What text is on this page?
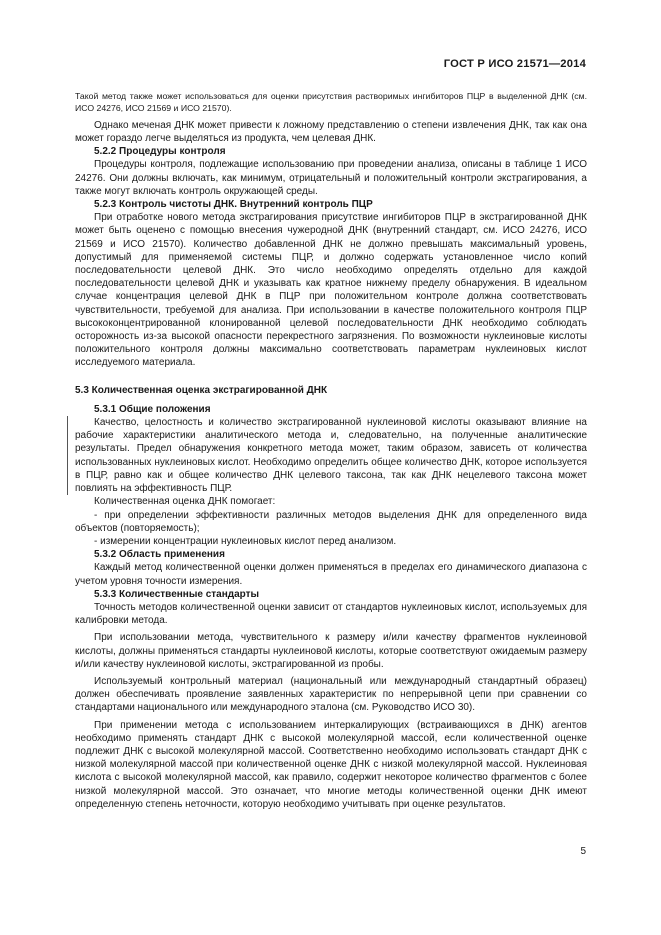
ГОСТ Р ИСО 21571—2014

Такой метод также может использоваться для оценки присутствия растворимых ингибиторов ПЦР в выделенной ДНК (см. ИСО 24276, ИСО 21569 и ИСО 21570).

Однако меченая ДНК может привести к ложному представлению о степени извлечения ДНК, так как она может гораздо легче выделяться из продукта, чем целевая ДНК.

5.2.2 Процедуры контроля

Процедуры контроля, подлежащие использованию при проведении анализа, описаны в таблице 1 ИСО 24276. Они должны включать, как минимум, отрицательный и положительный контроли экстрагирования, а также могут включать контроль окружающей среды.

5.2.3 Контроль чистоты ДНК. Внутренний контроль ПЦР

При отработке нового метода экстрагирования присутствие ингибиторов ПЦР в экстрагированной ДНК может быть оценено с помощью внесения чужеродной ДНК (внутренний стандарт, см. ИСО 24276, ИСО 21569 и ИСО 21570). Количество добавленной ДНК не должно превышать максимальный уровень, допустимый для применяемой системы ПЦР, и должно содержать установленное число копий последовательности целевой ДНК. Это число необходимо определять отдельно для каждой последовательности целевой ДНК и указывать как кратное нижнему пределу обнаружения. В идеальном случае концентрация целевой ДНК в ПЦР при положительном контроле должна соответствовать чувствительности, требуемой для анализа. При использовании в качестве положительного контроля ПЦР высококонцентрированной клонированной целевой последовательности ДНК необходимо соблюдать осторожность из-за высокой опасности перекрестного загрязнения. По возможности нуклеиновые кислоты положительного контроля должны максимально соответствовать параметрам нуклеиновых кислот исследуемого материала.

5.3 Количественная оценка экстрагированной ДНК
5.3.1 Общие положения

Качество, целостность и количество экстрагированной нуклеиновой кислоты оказывают влияние на рабочие характеристики аналитического метода и, следовательно, на полученные аналитические результаты. Предел обнаружения конкретного метода может, таким образом, зависеть от количества использованных нуклеиновых кислот. Необходимо определить общее количество ДНК, которое используется в ПЦР, равно как и общее количество ДНК целевого таксона, так как ДНК нецелевого таксона может повлиять на эффективность ПЦР.

Количественная оценка ДНК помогает:

- при определении эффективности различных методов выделения ДНК для определенного вида объектов (повторяемость);

- измерении концентрации нуклеиновых кислот перед анализом.

5.3.2 Область применения

Каждый метод количественной оценки должен применяться в пределах его динамического диапазона с учетом уровня точности измерения.

5.3.3 Количественные стандарты

Точность методов количественной оценки зависит от стандартов нуклеиновых кислот, используемых для калибровки метода.

При использовании метода, чувствительного к размеру и/или качеству фрагментов нуклеиновой кислоты, должны применяться стандарты нуклеиновой кислоты, которые соответствуют ожидаемым размеру и/или качеству нуклеиновой кислоты, экстрагированной из пробы.

Используемый контрольный материал (национальный или международный стандартный образец) должен обеспечивать проявление заявленных характеристик по непрерывной цепи при сравнении со стандартами национального или международного эталона (см. Руководство ИСО 30).

При применении метода с использованием интеркалирующих (встраивающихся в ДНК) агентов необходимо применять стандарт ДНК с высокой молекулярной массой, если количественной оценке подлежит ДНК с высокой молекулярной массой. Соответственно необходимо использовать стандарт ДНК с низкой молекулярной массой при количественной оценке ДНК с низкой молекулярной массой. Нуклеиновая кислота с высокой молекулярной массой, как правило, содержит некоторое количество фрагментов с более низкой молекулярной массой. Это означает, что многие методы количественной оценки ДНК имеют определенную степень неточности, которую необходимо учитывать при оценке результатов.

5
